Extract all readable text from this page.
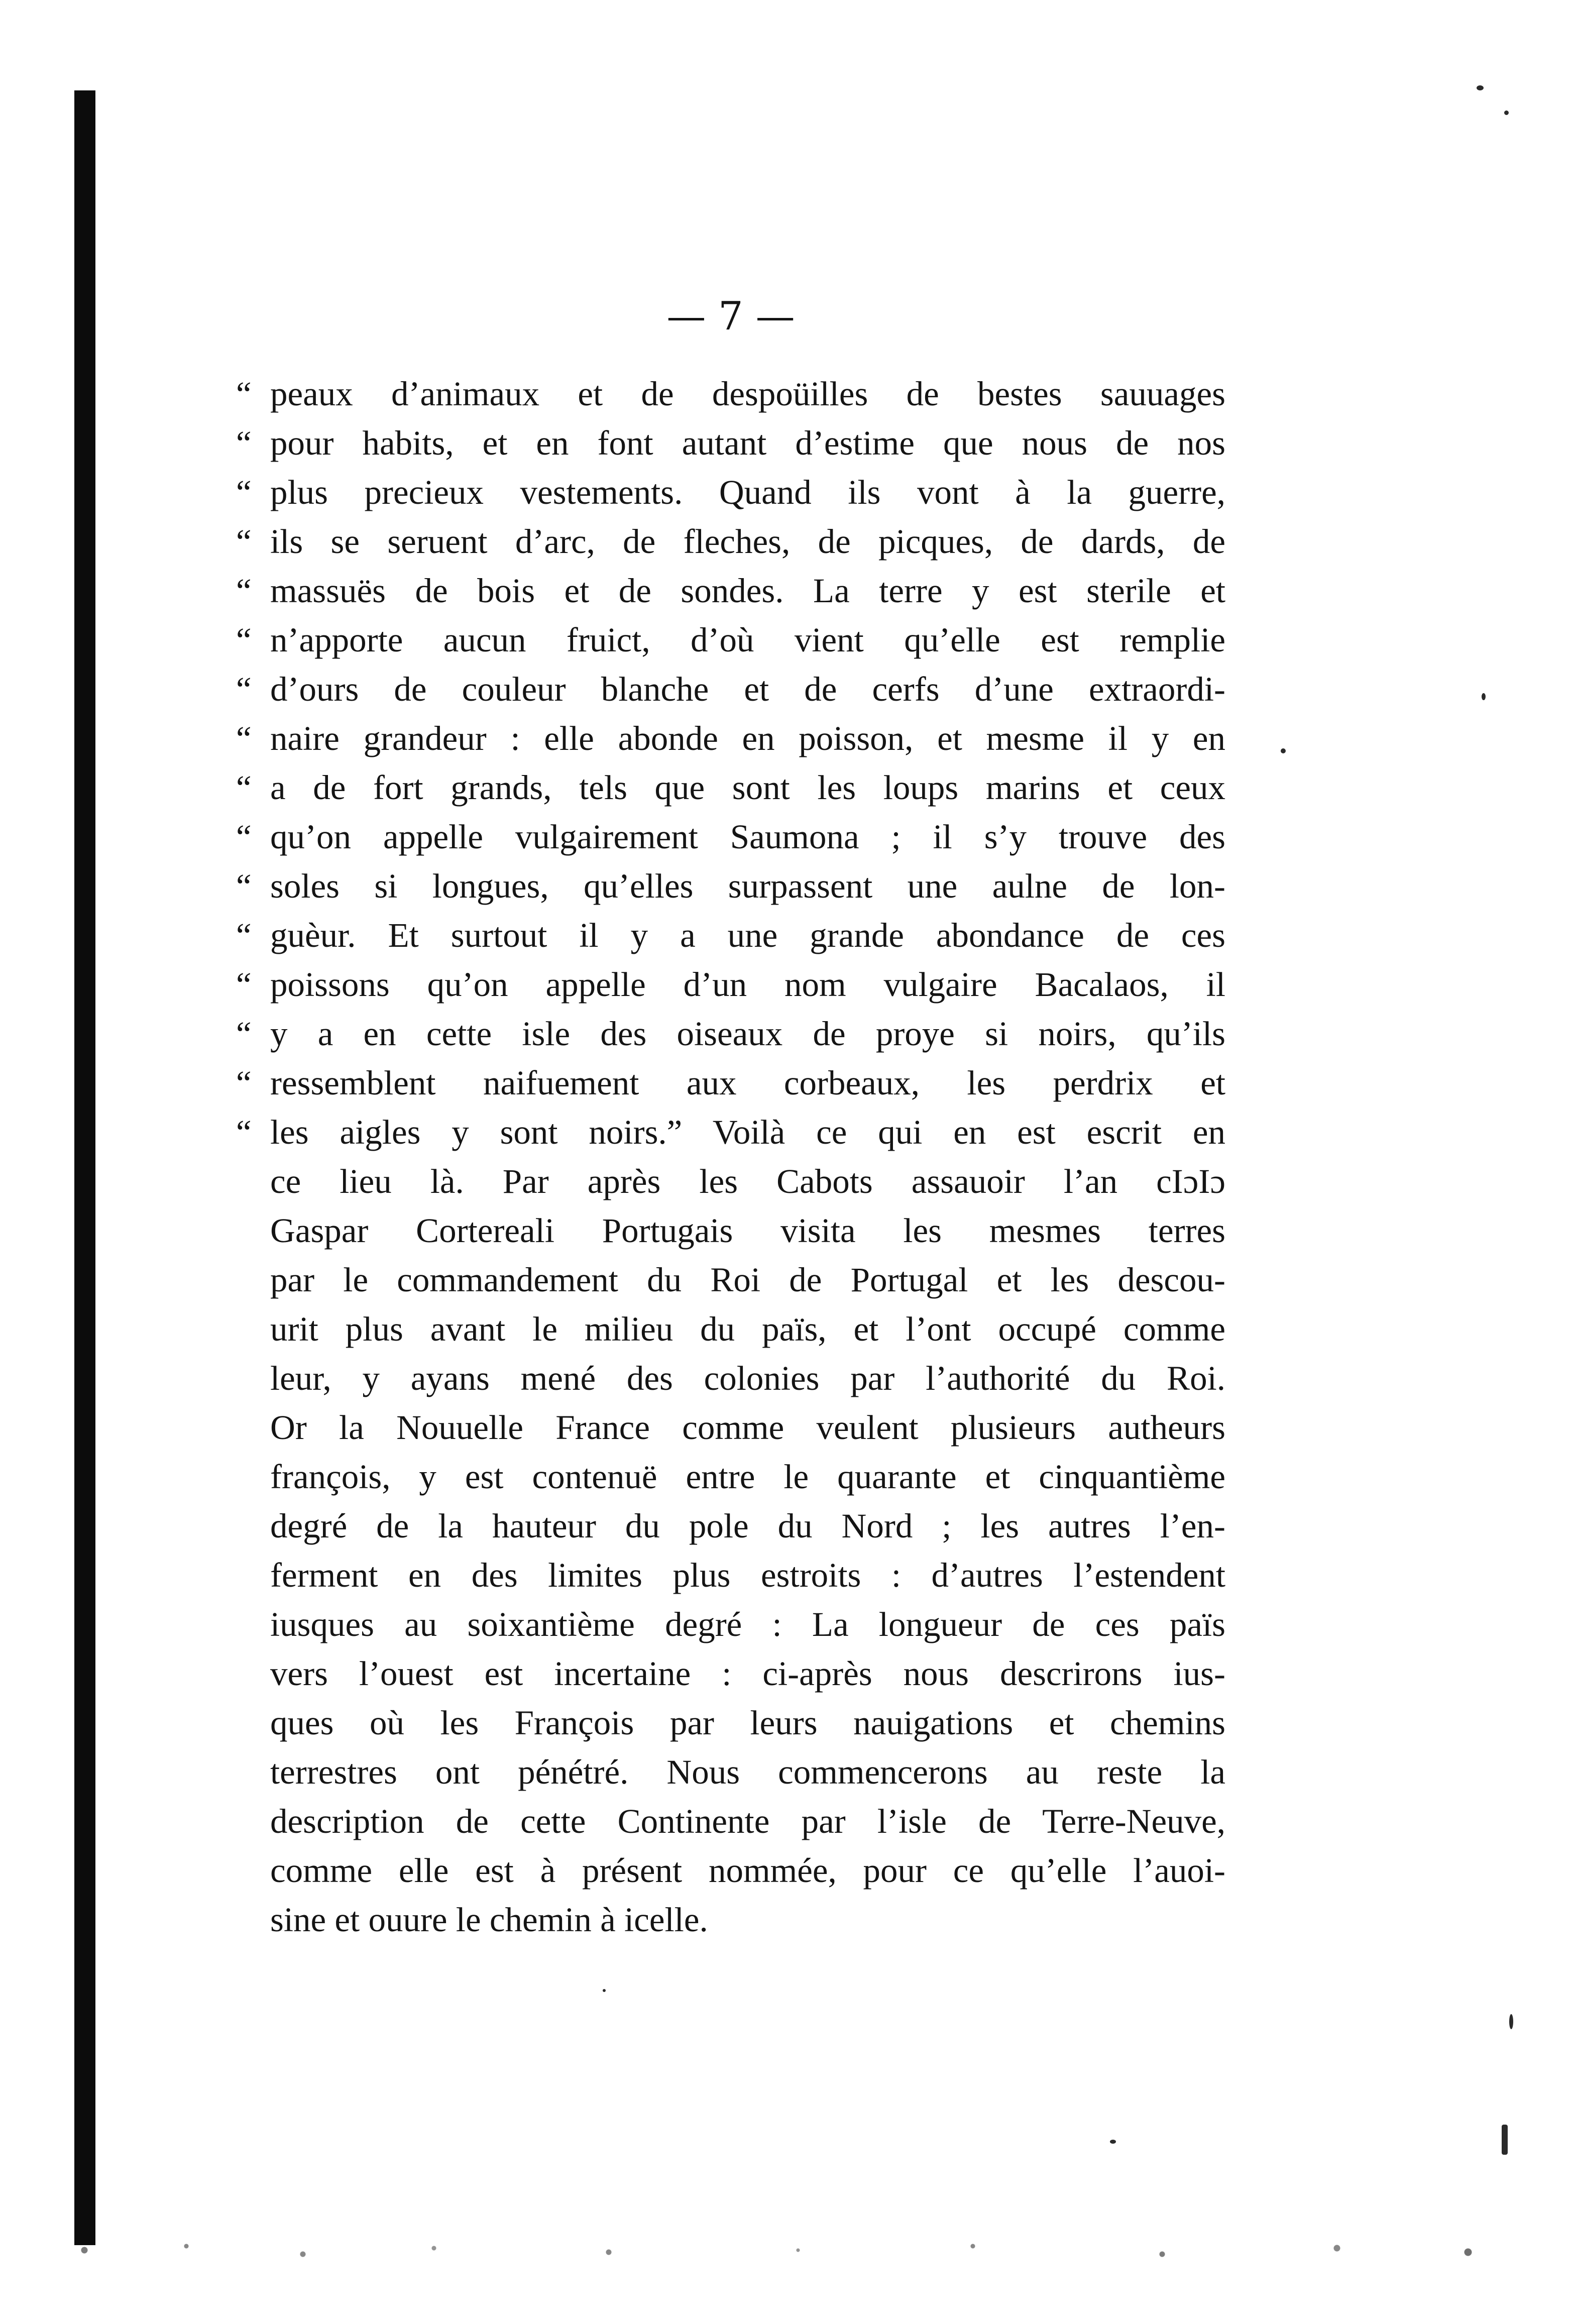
— 7 —
“ peaux d’animaux et de despoüilles de bestes sauuages
“ pour habits, et en font autant d’estime que nous de nos
“ plus precieux vestements. Quand ils vont à la guerre,
“ ils se seruent d’arc, de fleches, de picques, de dards, de
“ massuës de bois et de sondes. La terre y est sterile et
“ n’apporte aucun fruict, d’où vient qu’elle est remplie
“ d’ours de couleur blanche et de cerfs d’une extraordi-
“ naire grandeur : elle abonde en poisson, et mesme il y en
“ a de fort grands, tels que sont les loups marins et ceux
“ qu’on appelle vulgairement Saumona ; il s’y trouve des
“ soles si longues, qu’elles surpassent une aulne de lon-
“ guèur. Et surtout il y a une grande abondance de ces
“ poissons qu’on appelle d’un nom vulgaire Bacalaos, il
“ y a en cette isle des oiseaux de proye si noirs, qu’ils
“ ressemblent naifuement aux corbeaux, les perdrix et
“ les aigles y sont noirs.” Voilà ce qui en est escrit en
ce lieu là. Par après les Cabots assauoir l’an cIɔIɔ
Gaspar Cortereali Portugais visita les mesmes terres
par le commandement du Roi de Portugal et les descou-
urit plus avant le milieu du païs, et l’ont occupé comme
leur, y ayans mené des colonies par l’authorité du Roi.
Or la Nouuelle France comme veulent plusieurs autheurs
françois, y est contenuë entre le quarante et cinquantième
degré de la hauteur du pole du Nord ; les autres l’en-
ferment en des limites plus estroits : d’autres l’estendent
iusques au soixantième degré : La longueur de ces païs
vers l’ouest est incertaine : ci-après nous descrirons ius-
ques où les François par leurs nauigations et chemins
terrestres ont pénétré. Nous commencerons au reste la
description de cette Continente par l’isle de Terre-Neuve,
comme elle est à présent nommée, pour ce qu’elle l’auoi-
sine et ouure le chemin à icelle.
